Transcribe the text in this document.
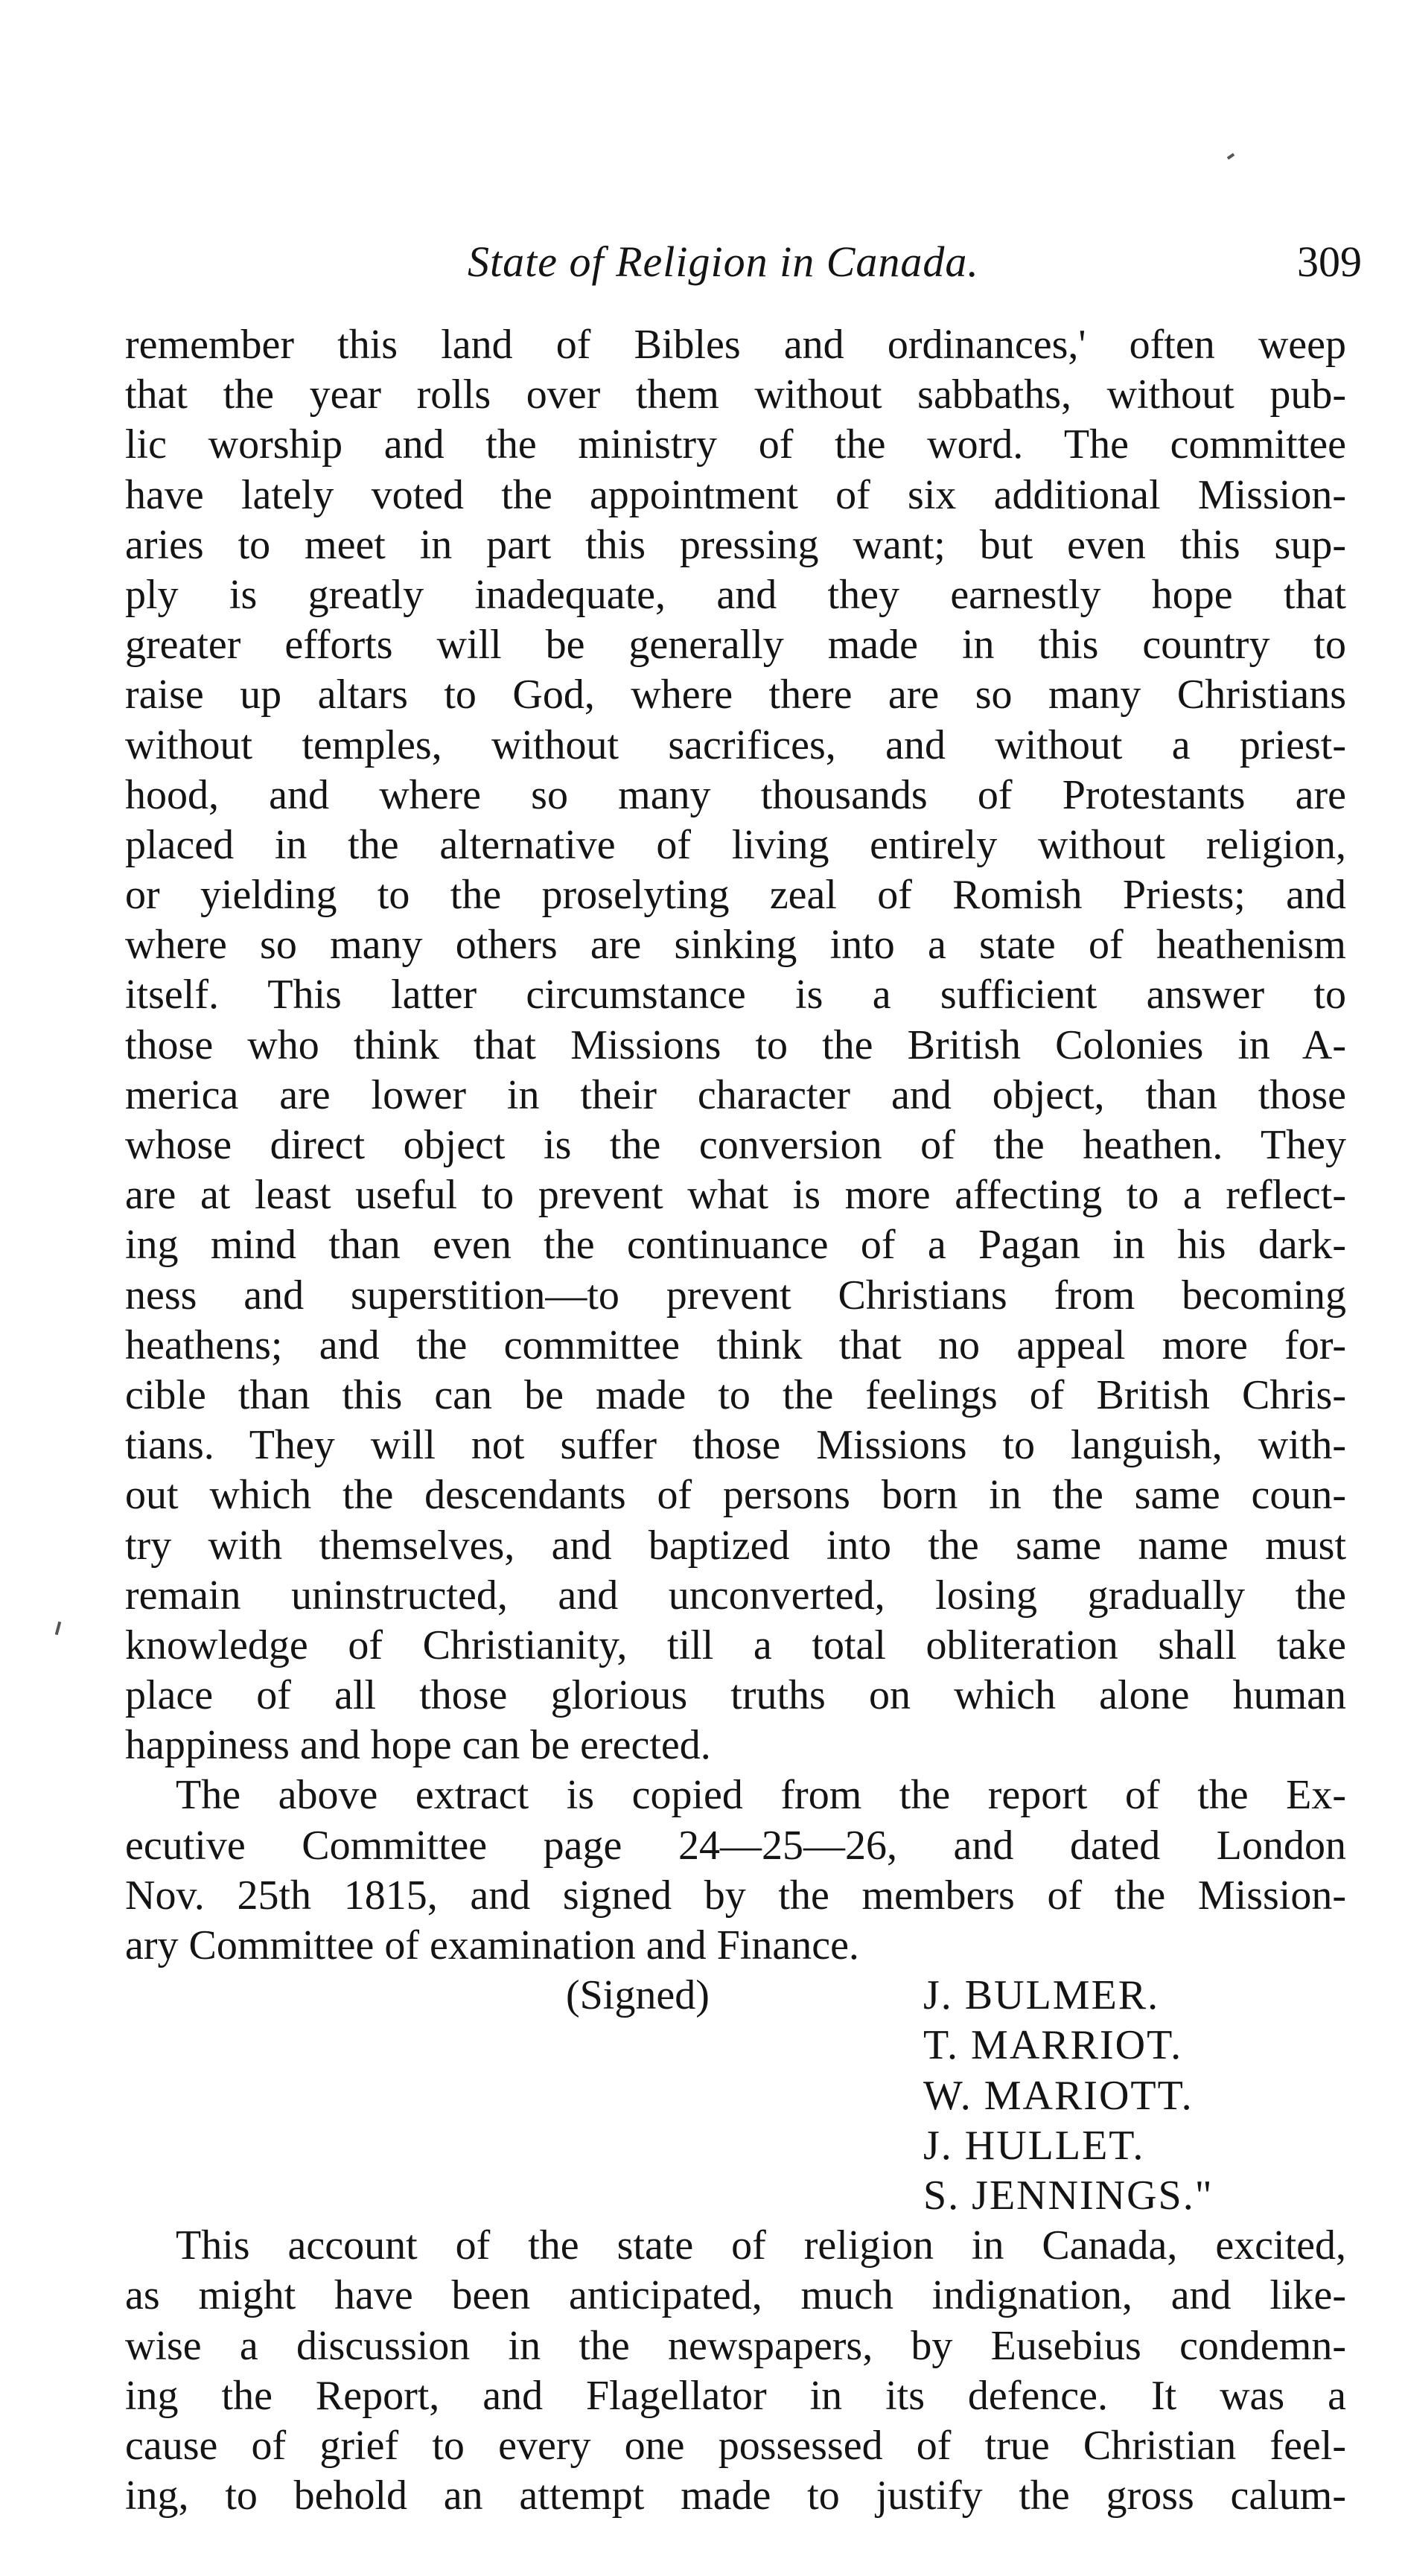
State of Religion in Canada.	309
remember this land of Bibles and ordinances,' often weep
that the year rolls over them without sabbaths, without pub-
lic worship and the ministry of the word. The committee
have lately voted the appointment of six additional Mission-
aries to meet in part this pressing want; but even this sup-
ply is greatly inadequate, and they earnestly hope that
greater efforts will be generally made in this country to
raise up altars to God, where there are so many Christians
without temples, without sacrifices, and without a priest-
hood, and where so many thousands of Protestants are
placed in the alternative of living entirely without religion,
or yielding to the proselyting zeal of Romish Priests; and
where so many others are sinking into a state of heathenism
itself. This latter circumstance is a sufficient answer to
those who think that Missions to the British Colonies in A-
merica are lower in their character and object, than those
whose direct object is the conversion of the heathen. They
are at least useful to prevent what is more affecting to a reflect-
ing mind than even the continuance of a Pagan in his dark-
ness and superstition—to prevent Christians from becoming
heathens; and the committee think that no appeal more for-
cible than this can be made to the feelings of British Chris-
tians. They will not suffer those Missions to languish, with-
out which the descendants of persons born in the same coun-
try with themselves, and baptized into the same name must
remain uninstructed, and unconverted, losing gradually the
knowledge of Christianity, till a total obliteration shall take
place of all those glorious truths on which alone human
happiness and hope can be erected.
The above extract is copied from the report of the Ex-
ecutive Committee page 24—25—26, and dated London
Nov. 25th 1815, and signed by the members of the Mission-
ary Committee of examination and Finance.
(Signed)	J. BULMER.
T. MARRIOT.
W. MARIOTT.
J. HULLET.
S. JENNINGS."
This account of the state of religion in Canada, excited,
as might have been anticipated, much indignation, and like-
wise a discussion in the newspapers, by Eusebius condemn-
ing the Report, and Flagellator in its defence. It was a
cause of grief to every one possessed of true Christian feel-
ing, to behold an attempt made to justify the gross calum-
